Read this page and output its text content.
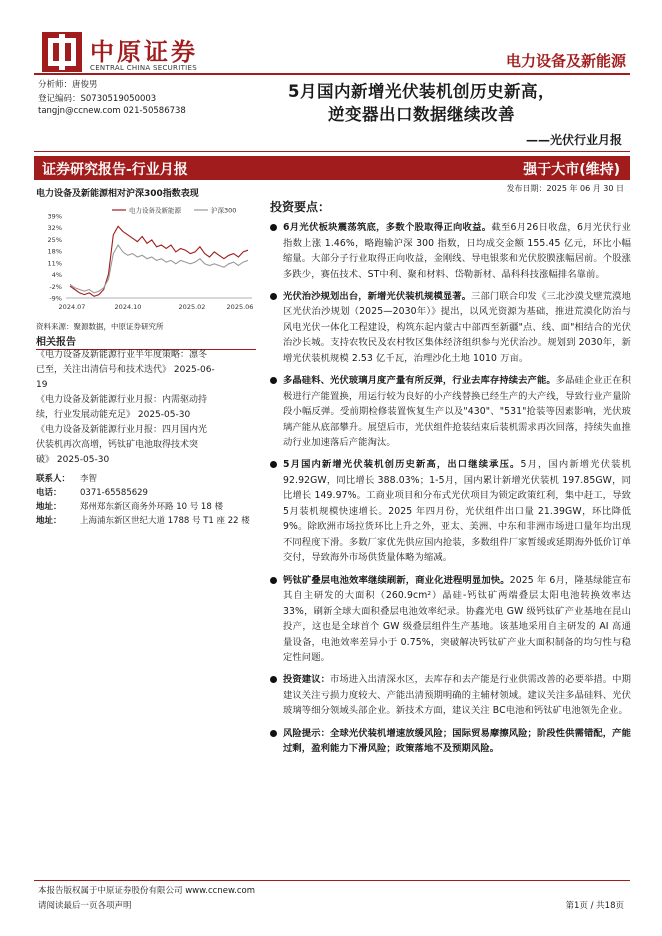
中原证券
CENTRAL CHINA SECURITIES	电力设备及新能源
分析师：唐俊男
登记编码：S0730519050003
tangjn@ccnew.com 021-50586738
5月国内新增光伏装机创历史新高，
逆变器出口数据继续改善
——光伏行业月报
证券研究报告-行业月报	强于大市(维持)
电力设备及新能源相对沪深300指数表现
电力设备及新能源	沪深300
39%
32%
25%
18%
11%
4%
-2%
-9%
2024.07	2024.10	2025.02	2025.06
资料来源：聚源数据，中原证券研究所
相关报告
《电力设备及新能源行业半年度策略：凛冬
已至，关注出清信号和技术迭代》 2025-06-
19
《电力设备及新能源行业月报：内需驱动持
续，行业发展动能充足》 2025-05-30
《电力设备及新能源行业月报：四月国内光
伏装机再次高增，钙钛矿电池取得技术突
破》 2025-05-30
联系人：	李智
电话：	0371-65585629
地址：	郑州郑东新区商务外环路 10 号 18 楼
地址：	上海浦东新区世纪大道 1788 号 T1 座 22 楼
发布日期：2025 年 06 月 30 日
投资要点：
6月光伏板块震荡筑底，多数个股取得正向收益。截至6月26日收盘，6月光伏行业指数上涨 1.46%，略跑输沪深 300 指数，日均成交金额 155.45 亿元，环比小幅缩量。大部分子行业取得正向收益，金刚线、导电银浆和光伏胶膜涨幅居前。个股涨多跌少，赛伍技术、ST中利、聚和材料、岱勒新材、晶科科技涨幅排名靠前。
光伏治沙规划出台，新增光伏装机规模显著。三部门联合印发《三北沙漠戈壁荒漠地区光伏治沙规划（2025—2030年）》提出，以风光资源为基础，推进荒漠化防治与风电光伏一体化工程建设，构筑东起内蒙古中部西至新疆"点、线、面"相结合的光伏治沙长城。支持农牧民及农村牧区集体经济组织参与光伏治沙。规划到 2030年，新增光伏装机规模 2.53 亿千瓦，治理沙化土地 1010 万亩。
多晶硅料、光伏玻璃月度产量有所反弹，行业去库存持续去产能。多晶硅企业正在积极进行产能置换，用运行较为良好的小产线替换已经生产的大产线，导致行业产量阶段小幅反弹。受前期检修装置恢复生产以及"430"、"531"抢装等因素影响，光伏玻璃产能从底部攀升。展望后市，光伏组件抢装结束后装机需求再次回落，持续失血推动行业加速落后产能淘汰。
5月国内新增光伏装机创历史新高，出口继续承压。5月，国内新增光伏装机 92.92GW，同比增长 388.03%；1-5月，国内累计新增光伏装机 197.85GW，同比增长 149.97%。工商业项目和分布式光伏项目为锁定政策红利，集中赶工，导致 5月装机规模快速增长。2025 年四月份，光伏组件出口量 21.39GW，环比降低 9%。除欧洲市场拉货环比上升之外，亚太、美洲、中东和非洲市场进口量年均出现不同程度下滑。多数厂家优先供应国内抢装，多数组件厂家暂缓或延期海外低价订单交付，导致海外市场供货量体略为缩减。
钙钛矿叠层电池效率继续刷新，商业化进程明显加快。2025 年 6月，隆基绿能宣布其自主研发的大面积（260.9cm²）晶硅-钙钛矿两端叠层太阳电池转换效率达33%，刷新全球大面积叠层电池效率纪录。协鑫光电 GW 级钙钛矿产业基地在昆山投产，这也是全球首个 GW 级叠层组件生产基地。该基地采用自主研发的 AI 高通量设备，电池效率差异小于 0.75%，突破解决钙钛矿产业大面积制备的均匀性与稳定性问题。
投资建议：市场进入出清深水区，去库存和去产能是行业供需改善的必要举措。中期建议关注亏损力度较大、产能出清预期明确的主辅材领域。建议关注多晶硅料、光伏玻璃等细分领域头部企业。新技术方面，建议关注 BC电池和钙钛矿电池领先企业。
风险提示：全球光伏装机增速放缓风险；国际贸易摩擦风险；阶段性供需错配，产能过剩，盈利能力下滑风险；政策落地不及预期风险。
本报告版权属于中原证券股份有限公司 www.ccnew.com
请阅读最后一页各项声明	第1页 / 共18页
